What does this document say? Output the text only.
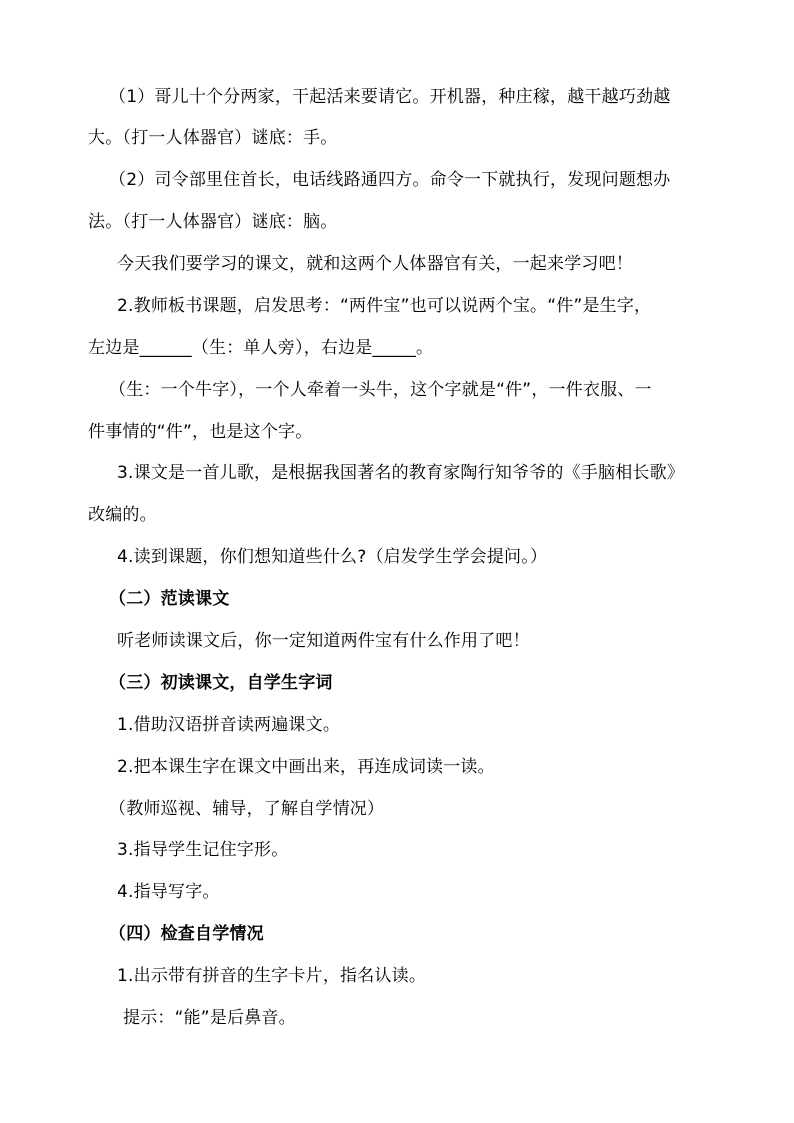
（1）哥儿十个分两家，干起活来要请它。开机器，种庄稼，越干越巧劲越
大。（打一人体器官）谜底：手。
（2）司令部里住首长，电话线路通四方。命令一下就执行，发现问题想办
法。（打一人体器官）谜底：脑。
今天我们要学习的课文，就和这两个人体器官有关，一起来学习吧！
2.教师板书课题，启发思考：“两件宝”也可以说两个宝。“件”是生字，
左边是______（生：单人旁），右边是_____。
（生：一个牛字），一个人牵着一头牛，这个字就是“件”，一件衣服、一
件事情的“件”，也是这个字。
3.课文是一首儿歌，是根据我国著名的教育家陶行知爷爷的《手脑相长歌》
改编的。
4.读到课题，你们想知道些什么?（启发学生学会提问。）
（二）范读课文
听老师读课文后，你一定知道两件宝有什么作用了吧！
（三）初读课文，自学生字词
1.借助汉语拼音读两遍课文。
2.把本课生字在课文中画出来，再连成词读一读。
（教师巡视、辅导，了解自学情况）
3.指导学生记住字形。
4.指导写字。
（四）检查自学情况
1.出示带有拼音的生字卡片，指名认读。
提示：“能”是后鼻音。
